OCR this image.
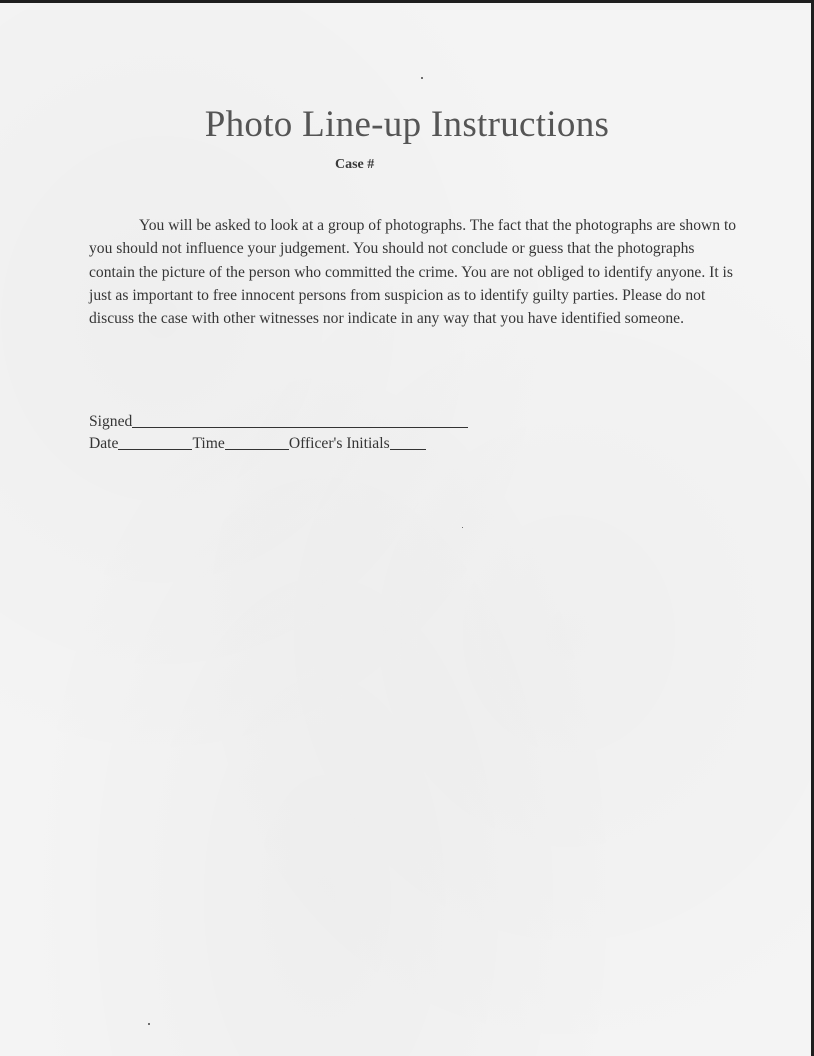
Photo Line-up Instructions
Case #

You will be asked to look at a group of photographs. The fact that the photographs are shown to you should not influence your judgement. You should not conclude or guess that the photographs contain the picture of the person who committed the crime. You are not obliged to identify anyone. It is just as important to free innocent persons from suspicion as to identify guilty parties. Please do not discuss the case with other witnesses nor indicate in any way that you have identified someone.

Signed
Date	Time	Officer's Initials
